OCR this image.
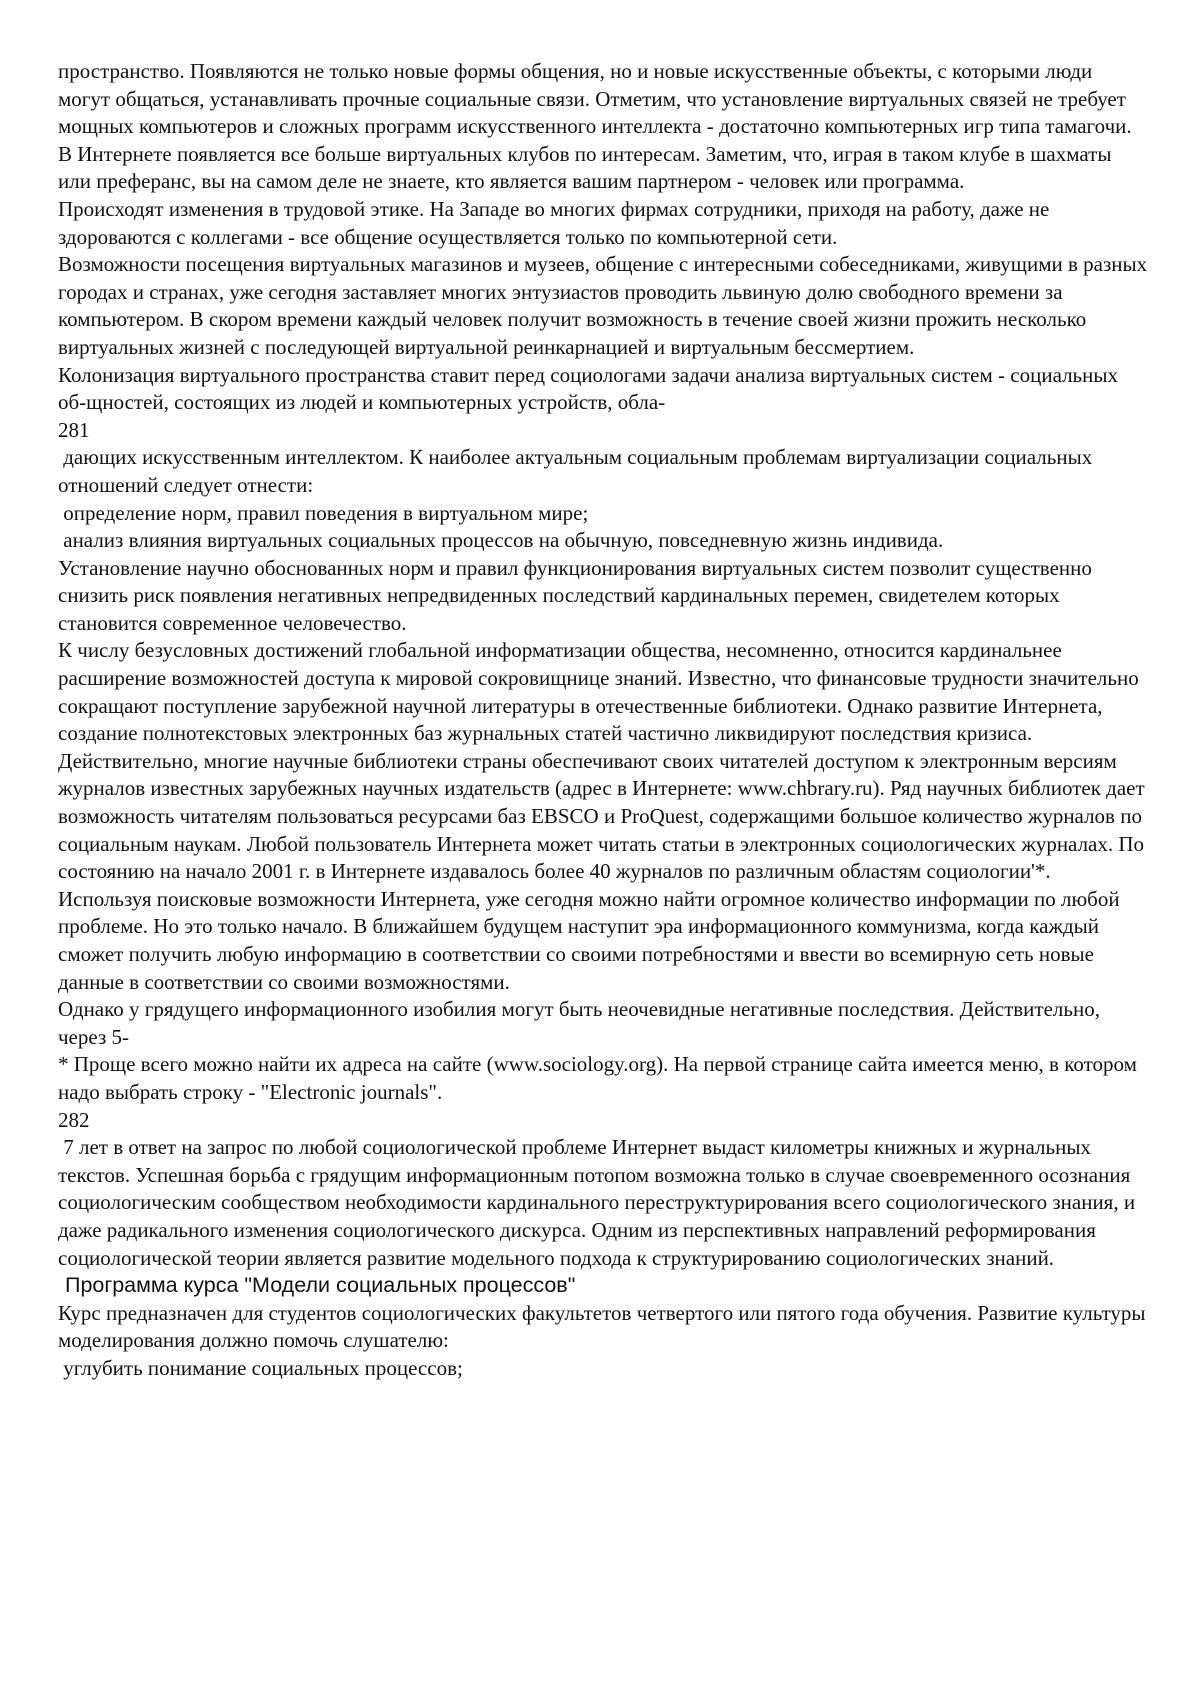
пространство. Появляются не только новые формы общения, но и новые искусственные объекты, с которыми люди могут общаться, устанавливать прочные социальные связи. Отметим, что установление виртуальных связей не требует мощных компьютеров и сложных программ искусственного интеллекта - достаточно компьютерных игр типа тамагочи.

В Интернете появляется все больше виртуальных клубов по интересам. Заметим, что, играя в таком клубе в шахматы или преферанс, вы на самом деле не знаете, кто является вашим партнером - человек или программа.

Происходят изменения в трудовой этике. На Западе во многих фирмах сотрудники, приходя на работу, даже не здороваются с коллегами - все общение осуществляется только по компьютерной сети.

Возможности посещения виртуальных магазинов и музеев, общение с интересными собеседниками, живущими в разных городах и странах, уже сегодня заставляет многих энтузиастов проводить львиную долю свободного времени за компьютером. В скором времени каждый человек получит возможность в течение своей жизни прожить несколько виртуальных жизней с последующей виртуальной реинкарнацией и виртуальным бессмертием.

Колонизация виртуального пространства ставит перед социологами задачи анализа виртуальных систем - социальных об-щностей, состоящих из людей и компьютерных устройств, обла-

281

дающих искусственным интеллектом. К наиболее актуальным социальным проблемам виртуализации социальных отношений следует отнести:

определение норм, правил поведения в виртуальном мире;

анализ влияния виртуальных социальных процессов на обычную, повседневную жизнь индивида.

Установление научно обоснованных норм и правил функционирования виртуальных систем позволит существенно снизить риск появления негативных непредвиденных последствий кардинальных перемен, свидетелем которых становится современное человечество.

К числу безусловных достижений глобальной информатизации общества, несомненно, относится кардинальнее расширение возможностей доступа к мировой сокровищнице знаний. Известно, что финансовые трудности значительно сокращают поступление зарубежной научной литературы в отечественные библиотеки. Однако развитие Интернета, создание полнотекстовых электронных баз журнальных статей частично ликвидируют последствия кризиса.

Действительно, многие научные библиотеки страны обеспечивают своих читателей доступом к электронным версиям журналов известных зарубежных научных издательств (адрес в Интернете: www.chbrary.ru). Ряд научных библиотек дает возможность читателям пользоваться ресурсами баз EBSCO и ProQuest, содержащими большое количество журналов по социальным наукам. Любой пользователь Интернета может читать статьи в электронных социологических журналах. По состоянию на начало 2001 г. в Интернете издавалось более 40 журналов по различным областям социологии'*.

Используя поисковые возможности Интернета, уже сегодня можно найти огромное количество информации по любой проблеме. Но это только начало. В ближайшем будущем наступит эра информационного коммунизма, когда каждый сможет получить любую информацию в соответствии со своими потребностями и ввести во всемирную сеть новые данные в соответствии со своими возможностями.

Однако у грядущего информационного изобилия могут быть неочевидные негативные последствия. Действительно, через 5-

* Проще всего можно найти их адреса на сайте (www.sociology.org). На первой странице сайта имеется меню, в котором надо выбрать строку - "Electronic journals".

282

7 лет в ответ на запрос по любой социологической проблеме Интернет выдаст километры книжных и журнальных текстов. Успешная борьба с грядущим информационным потопом возможна только в случае своевременного осознания социологическим сообществом необходимости кардинального переструктурирования всего социологического знания, и даже радикального изменения социологического дискурса. Одним из перспективных направлений реформирования социологической теории является развитие модельного подхода к структурированию социологических знаний.

Программа курса "Модели социальных процессов"

Курс предназначен для студентов социологических факультетов четвертого или пятого года обучения. Развитие культуры моделирования должно помочь слушателю:

углубить понимание социальных процессов;
